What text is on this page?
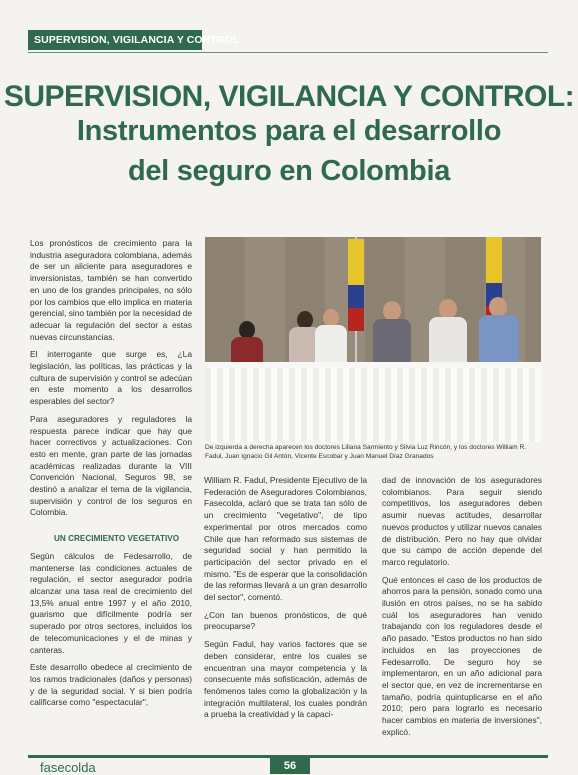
SUPERVISION, VIGILANCIA Y CONTROL
SUPERVISION, VIGILANCIA Y CONTROL:
Instrumentos para el desarrollo
del seguro en Colombia

Los pronósticos de crecimiento para la industria aseguradora colombiana, además de ser un aliciente para aseguradores e inversionistas, también se han convertido en uno de los grandes principales, no sólo por los cambios que ello implica en materia gerencial, sino también por la necesidad de adecuar la regulación del sector a estas nuevas circunstancias.

El interrogante que surge es, ¿La legislación, las políticas, las prácticas y la cultura de supervisión y control se adecúan en este momento a los desarrollos esperables del sector?

Para aseguradores y reguladores la respuesta parece indicar que hay que hacer correctivos y actualizaciones. Con esto en mente, gran parte de las jornadas académicas realizadas durante la VIII Convención Nacional, Seguros 98, se destinó a analizar el tema de la vigilancia, supervisión y control de los seguros en Colombia.

UN CRECIMIENTO VEGETATIVO

Según cálculos de Fedesarrollo, de mantenerse las condiciones actuales de regulación, el sector asegurador podría alcanzar una tasa real de crecimiento del 13,5% anual entre 1997 y el año 2010, guarismo que difícilmente podría ser superado por otros sectores, incluidos los de telecomunicaciones y el de minas y canteras.

Este desarrollo obedece al crecimiento de los ramos tradicionales (daños y personas) y de la seguridad social. Y si bien podría calificarse como "espectacular",

De izquierda a derecha aparecen los doctores Liliana Sarmiento y Silvia Luz Rincón, y los doctores William R. Fadul, Juan Ignacio Gil Antón, Vicente Escobar y Juan Manuel Díaz Granados

William R. Fadul, Presidente Ejecutivo de la Federación de Aseguradores Colombianos, Fasecolda, aclaró que se trata tan sólo de un crecimiento "vegetativo", de tipo experimental por otros mercados como Chile que han reformado sus sistemas de seguridad social y han permitido la participación del sector privado en el mismo. "Es de esperar que la consolidación de las reformas llevará a un gran desarrollo del sector", comentó.

¿Con tan buenos pronósticos, de qué preocuparse?

Según Fadul, hay varios factores que se deben considerar, entre los cuales se encuentran una mayor competencia y la consecuente más sofisticación, además de fenómenos tales como la globalización y la integración multilateral, los cuales pondrán a prueba la creatividad y la capaci-

dad de innovación de los aseguradores colombianos. Para seguir siendo competitivos, los aseguradores deben asumir nuevas actitudes, desarrollar nuevos productos y utilizar nuevos canales de distribución. Pero no hay que olvidar que su campo de acción depende del marco regulatorio.

Qué entonces el caso de los productos de ahorros para la pensión, sonado como una ilusión en otros países, no se ha sabido cuál los aseguradores han venido trabajando con los reguladores desde el año pasado. "Estos productos no han sido incluidos en las proyecciones de Fedesarrollo. De seguro hoy se implementaron, en un año adicional para el sector que, en vez de incrementarse en tamaño, podría quintuplicarse en el año 2010; pero para lograrlo es necesario hacer cambios en materia de inversiones", explicó.

fasecolda	56
